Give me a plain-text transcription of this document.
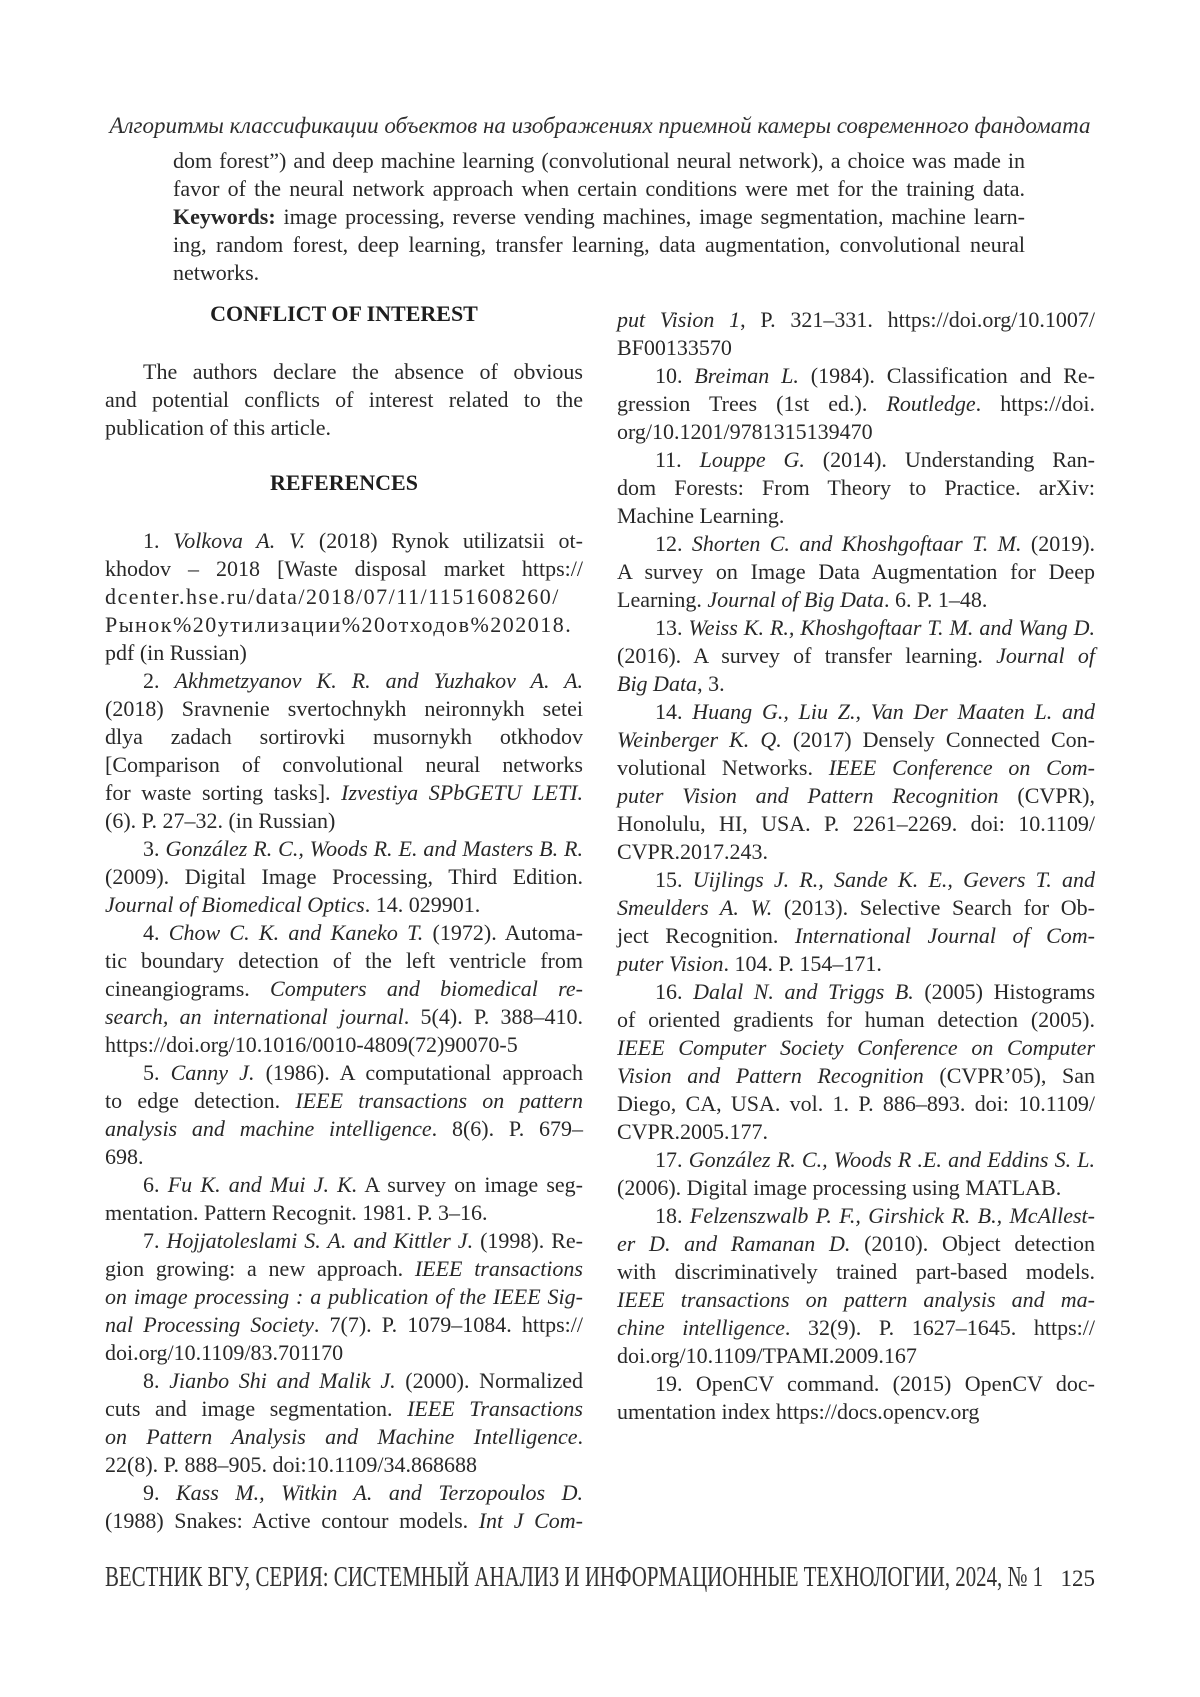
Алгоритмы классификации объектов на изображениях приемной камеры современного фандомата
dom forest”) and deep machine learning (convolutional neural network), a choice was made in
favor of the neural network approach when certain conditions were met for the training data.
Keywords: image processing, reverse vending machines, image segmentation, machine learn-
ing, random forest, deep learning, transfer learning, data augmentation, convolutional neural
networks.
CONFLICT OF INTEREST
The authors declare the absence of obvious
and potential conflicts of interest related to the
publication of this article.
REFERENCES
1. Volkova A. V. (2018) Rynok utilizatsii ot-
khodov – 2018 [Waste disposal market https://
dcenter.hse.ru/data/2018/07/11/1151608260/
Рынок%20утилизации%20отходов%202018.
pdf (in Russian)
2. Akhmetzyanov K. R. and Yuzhakov A. A.
(2018) Sravnenie svertochnykh neironnykh setei
dlya zadach sortirovki musornykh otkhodov
[Comparison of convolutional neural networks
for waste sorting tasks]. Izvestiya SPbGETU LETI.
(6). P. 27–32. (in Russian)
3. González R. C., Woods R. E. and Masters B. R.
(2009). Digital Image Processing, Third Edition.
Journal of Biomedical Optics. 14. 029901.
4. Chow C. K. and Kaneko T. (1972). Automa-
tic boundary detection of the left ventricle from
cineangiograms. Computers and biomedical re-
search, an international journal. 5(4). P. 388–410.
https://doi.org/10.1016/0010-4809(72)90070-5
5. Canny J. (1986). A computational approach
to edge detection. IEEE transactions on pattern
analysis and machine intelligence. 8(6). P. 679–
698.
6. Fu K. and Mui J. K. A survey on image seg-
mentation. Pattern Recognit. 1981. P. 3–16.
7. Hojjatoleslami S. A. and Kittler J. (1998). Re-
gion growing: a new approach. IEEE transactions
on image processing : a publication of the IEEE Sig-
nal Processing Society. 7(7). P. 1079–1084. https://
doi.org/10.1109/83.701170
8. Jianbo Shi and Malik J. (2000). Normalized
cuts and image segmentation. IEEE Transactions
on Pattern Analysis and Machine Intelligence.
22(8). P. 888–905. doi:10.1109/34.868688
9. Kass M., Witkin A. and Terzopoulos D.
(1988) Snakes: Active contour models. Int J Com-
put Vision 1, P. 321–331. https://doi.org/10.1007/
BF00133570
10. Breiman L. (1984). Classification and Re-
gression Trees (1st ed.). Routledge. https://doi.
org/10.1201/9781315139470
11. Louppe G. (2014). Understanding Ran-
dom Forests: From Theory to Practice. arXiv:
Machine Learning.
12. Shorten C. and Khoshgoftaar T. M. (2019).
A survey on Image Data Augmentation for Deep
Learning. Journal of Big Data. 6. P. 1–48.
13. Weiss K. R., Khoshgoftaar T. M. and Wang D.
(2016). A survey of transfer learning. Journal of
Big Data, 3.
14. Huang G., Liu Z., Van Der Maaten L. and
Weinberger K. Q. (2017) Densely Connected Con-
volutional Networks. IEEE Conference on Com-
puter Vision and Pattern Recognition (CVPR),
Honolulu, HI, USA. P. 2261–2269. doi: 10.1109/
CVPR.2017.243.
15. Uijlings J. R., Sande K. E., Gevers T. and
Smeulders A. W. (2013). Selective Search for Ob-
ject Recognition. International Journal of Com-
puter Vision. 104. P. 154–171.
16. Dalal N. and Triggs B. (2005) Histograms
of oriented gradients for human detection (2005).
IEEE Computer Society Conference on Computer
Vision and Pattern Recognition (CVPR’05), San
Diego, CA, USA. vol. 1. P. 886–893. doi: 10.1109/
CVPR.2005.177.
17. González R. C., Woods R .E. and Eddins S. L.
(2006). Digital image processing using MATLAB.
18. Felzenszwalb P. F., Girshick R. B., McAllest-
er D. and Ramanan D. (2010). Object detection
with discriminatively trained part-based models.
IEEE transactions on pattern analysis and ma-
chine intelligence. 32(9). P. 1627–1645. https://
doi.org/10.1109/TPAMI.2009.167
19. OpenCV command. (2015) OpenCV doc-
umentation index https://docs.opencv.org
ВЕСТНИК ВГУ, СЕРИЯ: СИСТЕМНЫЙ АНАЛИЗ И ИНФОРМАЦИОННЫЕ ТЕХНОЛОГИИ, 2024, № 1 125
